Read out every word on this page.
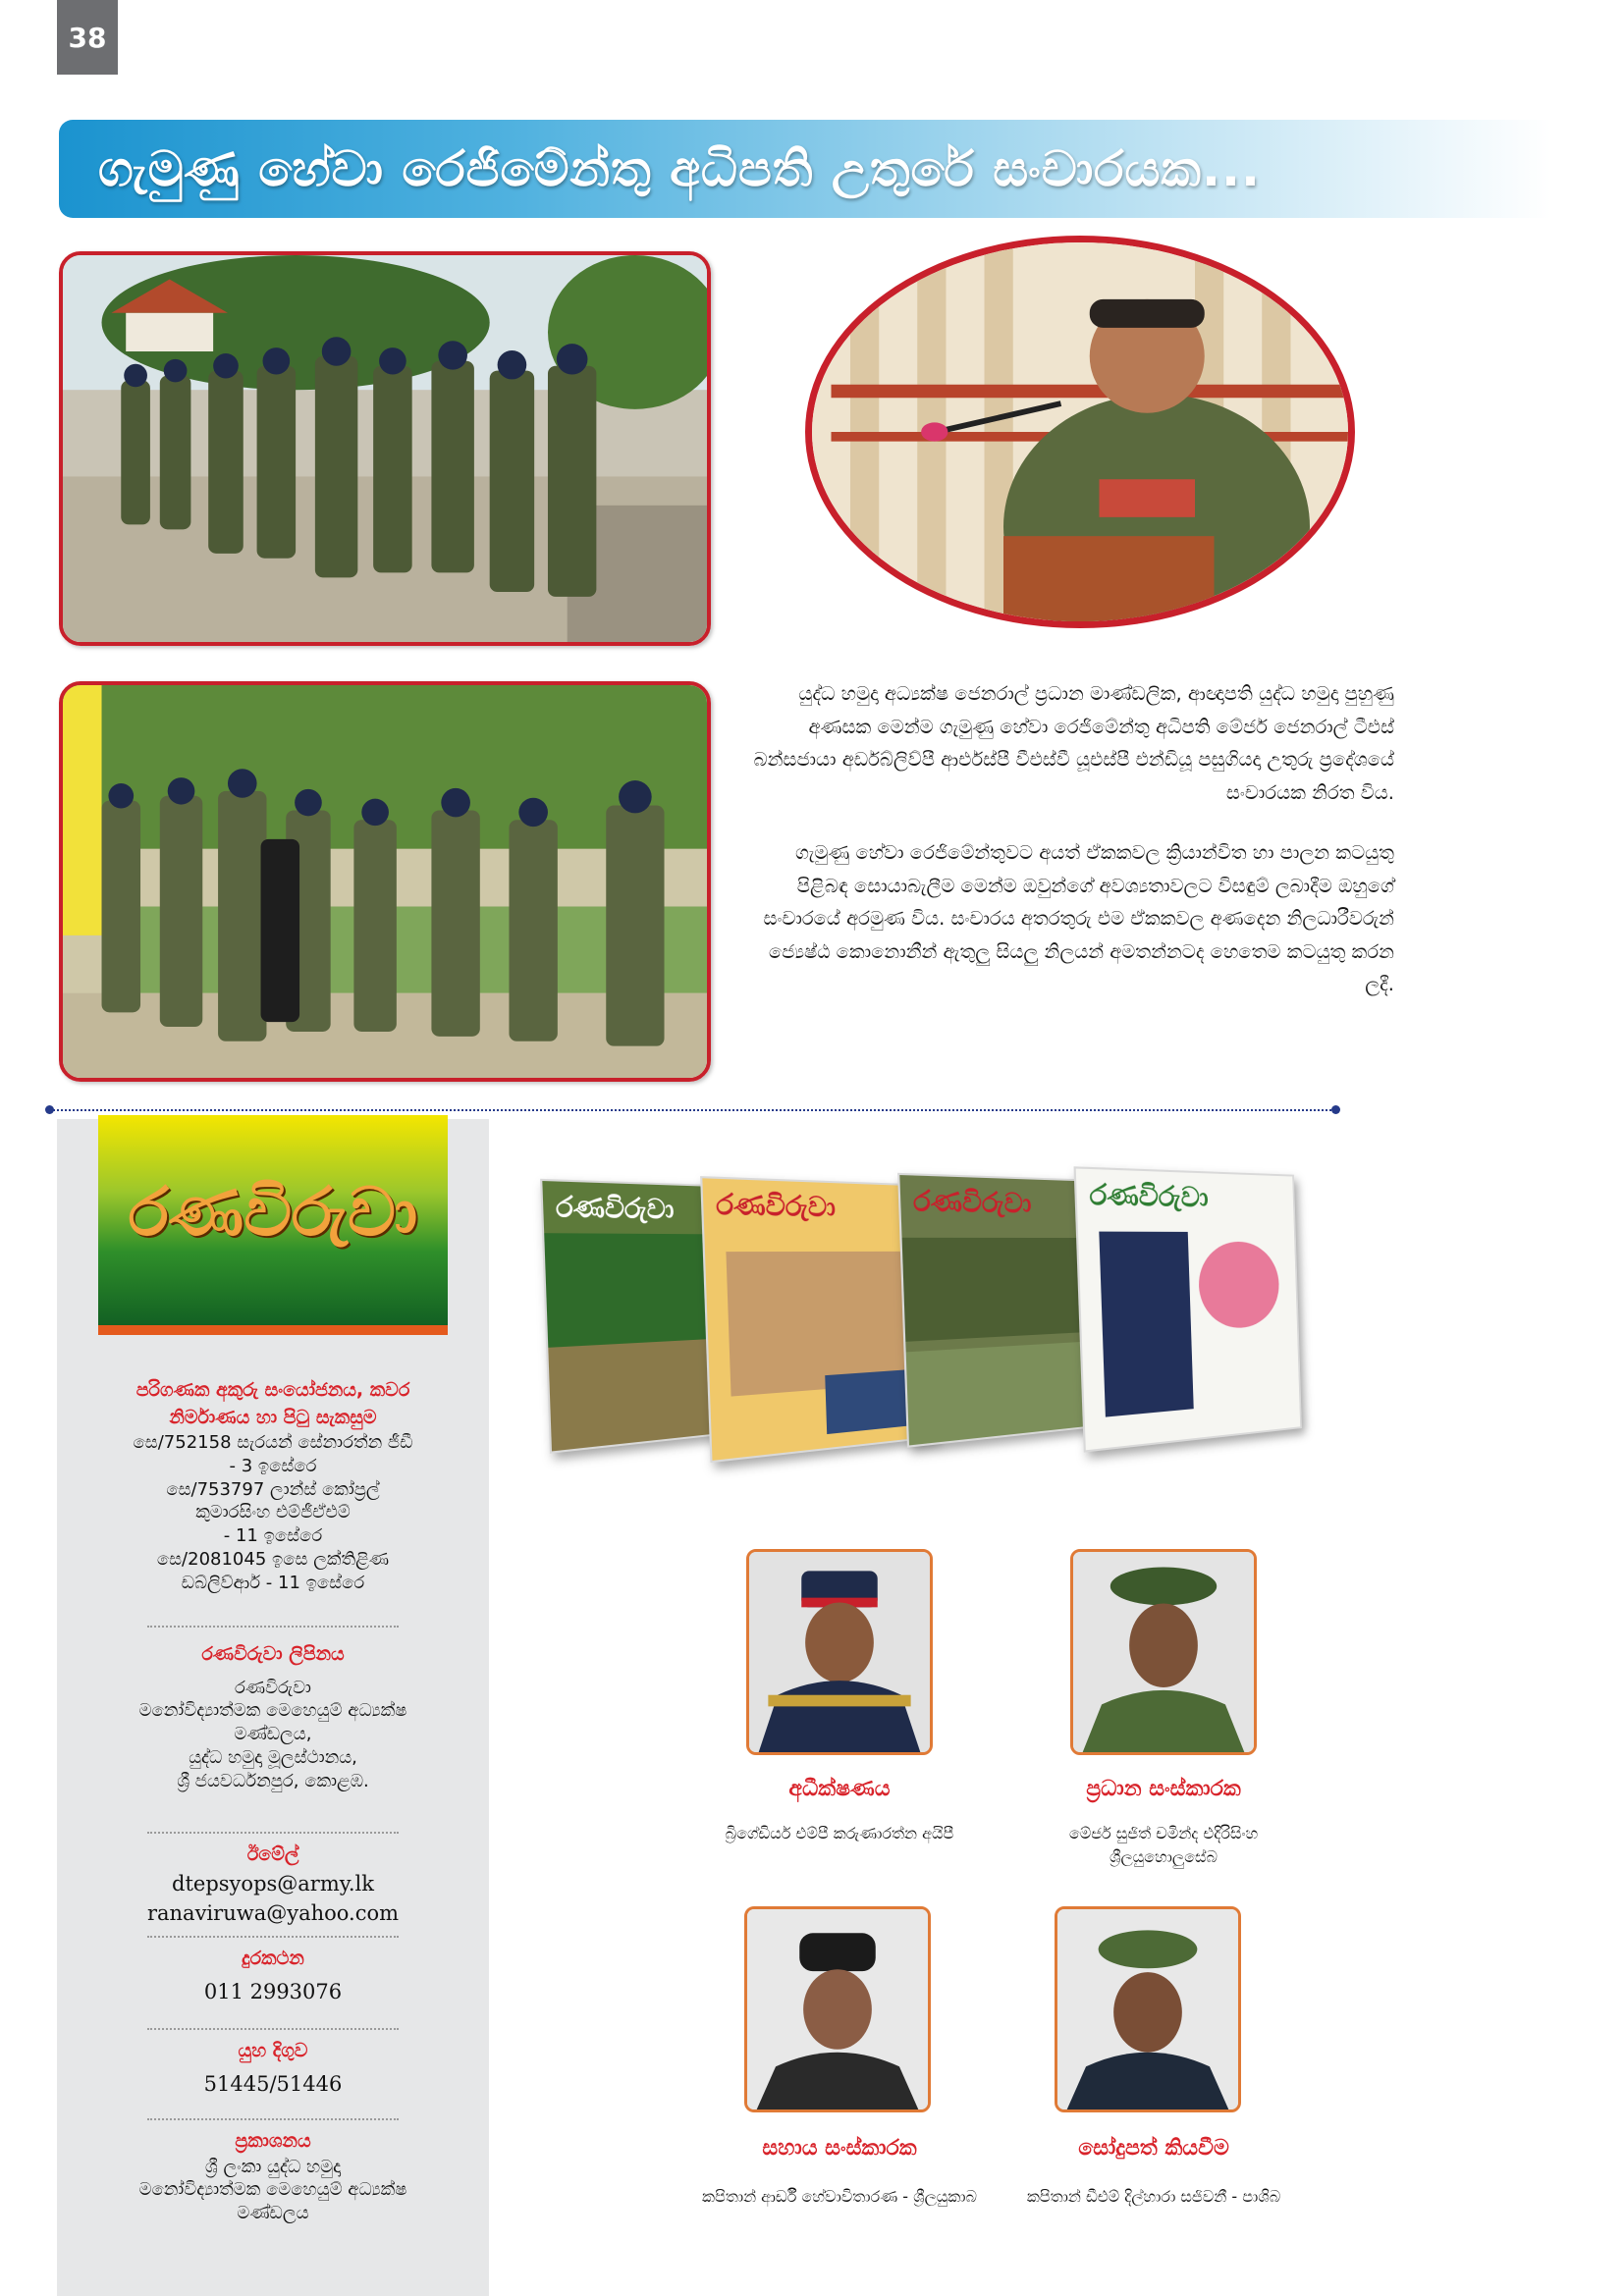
38
ගැමුණු හේවා රෙජිමේන්තු අධිපති උතුරේ සංචාරයක...

යුද්ධ හමුදා අධ්‍යක්ෂ ජෙනරාල් ප්‍රධාන මාණ්ඩලික, ආඥාපති යුද්ධ හමුදා පුහුණු අණසක මෙන්ම ගැමුණු හේවා රෙජිමේන්තු අධිපති මේජර් ජෙනරාල් ටීඑස් බන්සජායා අර්ඩබ්ලිව්පී ආර්එස්පී වීඑස්වී යූඑස්පී එන්ඩියූ පසුගියදා උතුරු ප්‍රදේශයේ සංචාරයක නිරත විය.

ගැමුණු හේවා රෙජිමේන්තුවට අයත් ඒකකවල ක්‍රියාන්විත හා පාලන කටයුතු පිළිබඳ සොයාබැලීම මෙන්ම ඔවුන්ගේ අවශ්‍යතාවලට විසඳුම් ලබාදීම ඔහුගේ සංචාරයේ අරමුණ විය. සංචාරය අතරතුරු එම ඒකකවල අණදෙන නිලධාරීවරුන් ජ්‍යෙෂ්ඨ කොනොනීන් ඇතුලු සියලු නිලයන් අමතන්නටද හෙතෙම කටයුතු කරන ලදී.

රණවිරුවා
පරිගණක අකුරු සංයෝජනය, කවර නිර්මාණය හා පිටු සැකසුම
සෙ/752158 සැරයන් සේනාරත්න ජීඩී
- 3 ඉසේරෙ
සෙ/753797 ලාන්ස් කෝප්‍රල්
කුමාරසිංහ එම්ජීඒඑම්
- 11 ඉසේරෙ
සෙ/2081045 ඉසෙ ලක්තිළිණ
ඩබ්ලිව්ආර් - 11 ඉසේරෙ
රණවිරුවා ලිපිනය
රණවිරුවා
මනෝවිද්‍යාත්මක මෙහෙයුම් අධ්‍යක්ෂ
මණ්ඩලය,
යුද්ධ හමුදා මූලස්ථානය,
ශ්‍රී ජයවර්ධනපුර, කොළඹ.
ඊමේල්
dtepsyops@army.lk
ranaviruwa@yahoo.com
දුරකථන
011 2993076
යුහ දිගුව
51445/51446
ප්‍රකාශනය
ශ්‍රී ලංකා යුද්ධ හමුදා
මනෝවිද්‍යාත්මක මෙහෙයුම් අධ්‍යක්ෂ
මණ්ඩලය
රණවිරුවා රණවිරුවා	රණවිරුවා රණවිරුවා
අධීක්ෂණය
බ්‍රිගේඩියර් එම්පී කරුණාරත්න අයිපී
ප්‍රධාන සංස්කාරක
මේජර් සුජිත් චමින්ද එදිරිසිංහ
ශ්‍රීලයුහොලුසේබ
සහාය සංස්කාරක
කපිතාන් ආර්ඩී හේවාවිතාරණ - ශ්‍රීලයුකාබ
සෝදුපත් කියවීම
කපිතාන් ඩීඑම් දිල්හාරා සජිවනී - පාශිබ
